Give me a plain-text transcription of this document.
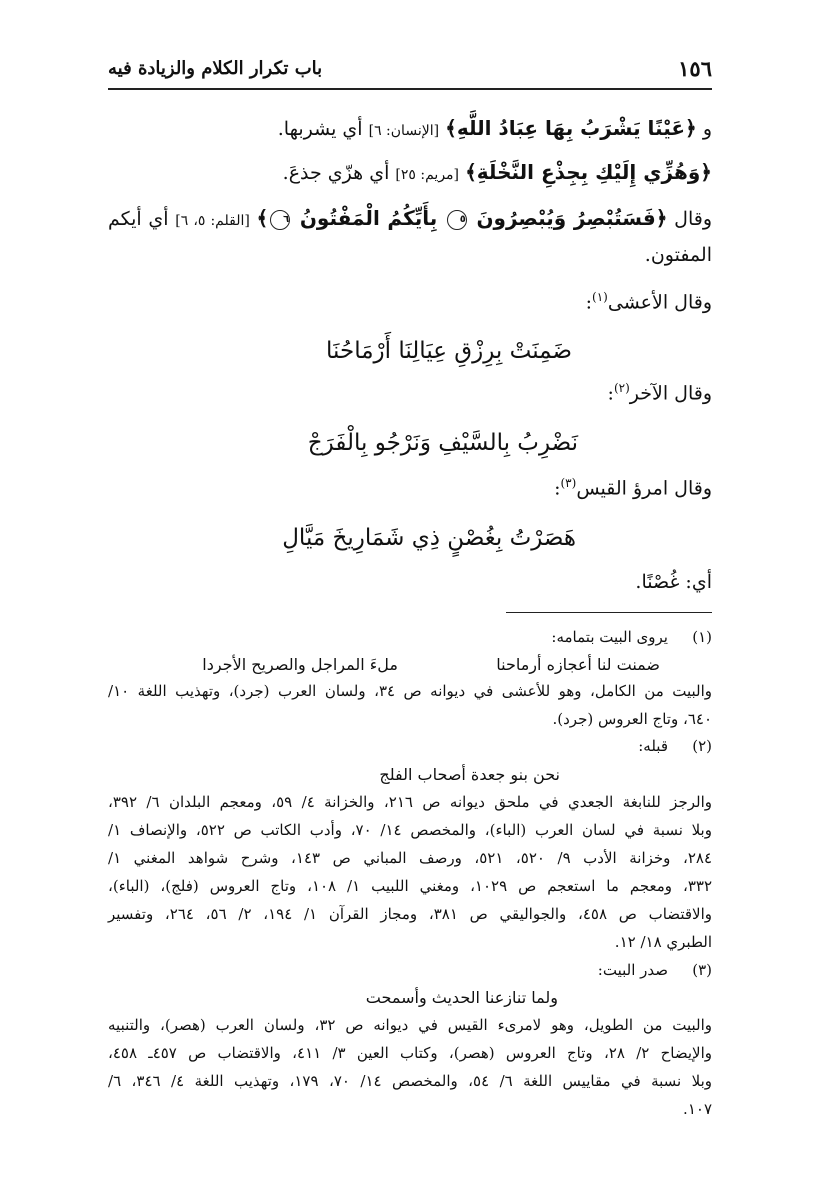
١٥٦
باب تكرار الكلام والزيادة فيه
و ﴿عَيْنًا يَشْرَبُ بِهَا عِبَادُ اللَّهِ﴾ [الإنسان: ٦] أي يشربها.
﴿وَهُزِّي إِلَيْكِ بِجِذْعِ النَّخْلَةِ﴾ [مريم: ٢٥] أي هزّي جذعَ.
وقال ﴿فَسَتُبْصِرُ وَيُبْصِرُونَ ٥ بِأَيِّكُمُ الْمَفْتُونُ ٦﴾ [القلم: ٥، ٦] أي أيكم
المفتون.
وقال الأعشى$^{(١)}$:
ضَمِنَتْ بِرِزْقِ عِيَالِنَا أَرْمَاحُنَا
وقال الآخر$^{(٢)}$:
نَضْرِبُ بِالسَّيْفِ وَنَرْجُو بِالْفَرَجْ
وقال امرؤ القيس$^{(٣)}$:
هَصَرْتُ بِغُصْنٍ ذِي شَمَارِيخَ مَيَّالِ
أي: غُصْنًا.
(١)
يروى البيت بتمامه:
ضمنت لنا أعجازه أرماحنا
ملءَ المراجل والصريح الأجردا
والبيت من الكامل، وهو للأعشى في ديوانه ص ٣٤، ولسان العرب (جرد)، وتهذيب اللغة ١٠/
٦٤٠، وتاج العروس (جرد).
(٢)
قبله:
نحن بنو جعدة أصحاب الفلج
والرجز للنابغة الجعدي في ملحق ديوانه ص ٢١٦، والخزانة ٤/ ٥٩، ومعجم البلدان ٦/ ٣٩٢،
وبلا نسبة في لسان العرب (الباء)، والمخصص ١٤/ ٧٠، وأدب الكاتب ص ٥٢٢، والإنصاف ١/
٢٨٤، وخزانة الأدب ٩/ ٥٢٠، ٥٢١، ورصف المباني ص ١٤٣، وشرح شواهد المغني ١/
٣٣٢، ومعجم ما استعجم ص ١٠٢٩، ومغني اللبيب ١/ ١٠٨، وتاج العروس (فلج)، (الباء)،
والاقتضاب ص ٤٥٨، والجواليقي ص ٣٨١، ومجاز القرآن ١/ ١٩٤، ٢/ ٥٦، ٢٦٤، وتفسير
الطبري ١٨/ ١٢.
(٣)
صدر البيت:
ولما تنازعنا الحديث وأسمحت
والبيت من الطويل، وهو لامرىء القيس في ديوانه ص ٣٢، ولسان العرب (هصر)، والتنبيه
والإيضاح ٢/ ٢٨، وتاج العروس (هصر)، وكتاب العين ٣/ ٤١١، والاقتضاب ص ٤٥٧ـ ٤٥٨،
وبلا نسبة في مقاييس اللغة ٦/ ٥٤، والمخصص ١٤/ ٧٠، ١٧٩، وتهذيب اللغة ٤/ ٣٤٦، ٦/
١٠٧.
